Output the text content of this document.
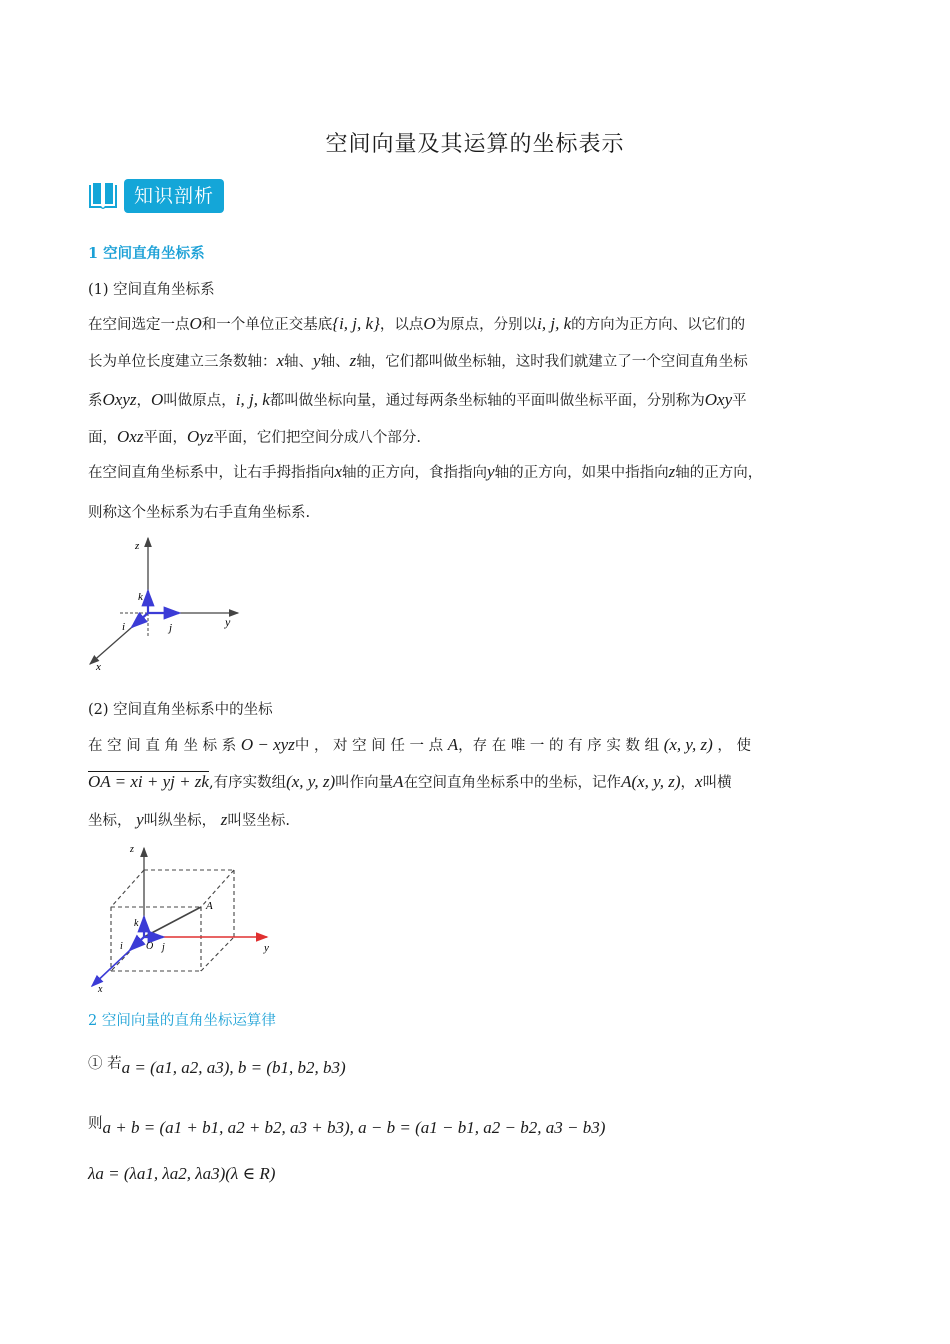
空间向量及其运算的坐标表示
知识剖析
1 空间直角坐标系
(1) 空间直角坐标系
在空间选定一点O和一个单位正交基底{i, j, k}，以点O为原点，分别以i, j, k的方向为正方向、以它们的
长为单位长度建立三条数轴：x轴、y轴、z轴，它们都叫做坐标轴，这时我们就建立了一个空间直角坐标
系Oxyz，O叫做原点，i, j, k都叫做坐标向量，通过每两条坐标轴的平面叫做坐标平面，分别称为Oxy平
面，Oxz平面，Oyz平面，它们把空间分成八个部分.
在空间直角坐标系中，让右手拇指指向x轴的正方向，食指指向y轴的正方向，如果中指指向z轴的正方向，
则称这个坐标系为右手直角坐标系.
z
y
x
k
j
i
(2) 空间直角坐标系中的坐标
在 空 间 直 角 坐 标 系 O − xyz中 ， 对 空 间 任 一 点 A，存 在 唯 一 的 有 序 实 数 组 (x, y, z) ， 使
OA = xi + yj + zk,有序实数组(x, y, z)叫作向量A在空间直角坐标系中的坐标，记作A(x, y, z)，x叫横
坐标， y叫纵坐标， z叫竖坐标.
z
y
x
A
O
k
j
i
2 空间向量的直角坐标运算律
① 若a = (a1, a2, a3), b = (b1, b2, b3)
则a + b = (a1 + b1, a2 + b2, a3 + b3), a − b = (a1 − b1, a2 − b2, a3 − b3)
λa = (λa1, λa2, λa3)(λ ∈ R)
